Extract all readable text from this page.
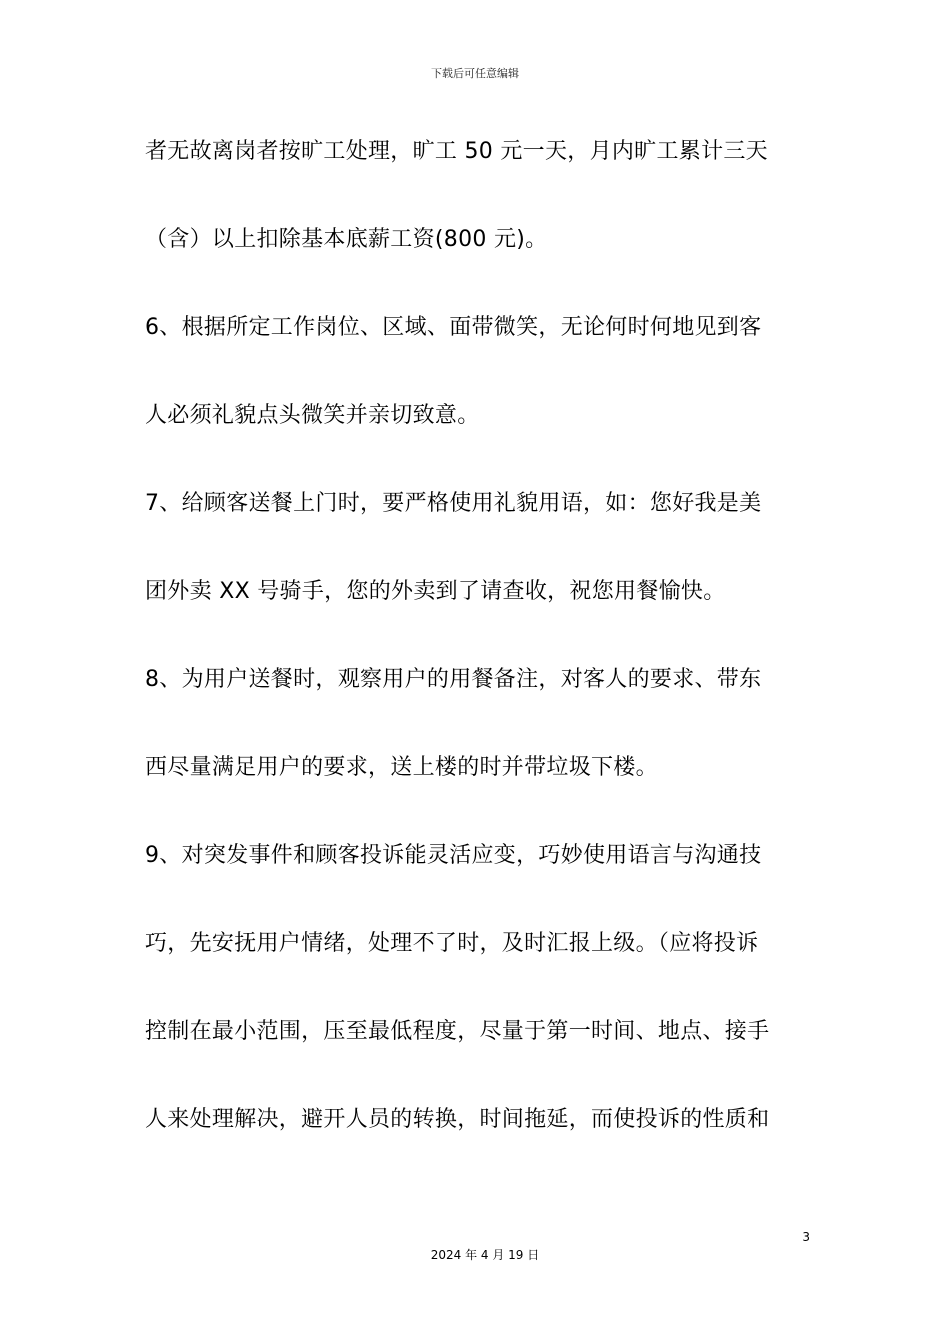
下载后可任意编辑
者无故离岗者按旷工处理，旷工 50 元一天，月内旷工累计三天
（含）以上扣除基本底薪工资(800 元)。
6、根据所定工作岗位、区域、面带微笑，无论何时何地见到客
人必须礼貌点头微笑并亲切致意。
7、给顾客送餐上门时，要严格使用礼貌用语，如：您好我是美
团外卖 XX 号骑手，您的外卖到了请查收，祝您用餐愉快。
8、为用户送餐时，观察用户的用餐备注，对客人的要求、带东
西尽量满足用户的要求，送上楼的时并带垃圾下楼。
9、对突发事件和顾客投诉能灵活应变，巧妙使用语言与沟通技
巧，先安抚用户情绪，处理不了时，及时汇报上级。（应将投诉
控制在最小范围，压至最低程度，尽量于第一时间、地点、接手
人来处理解决，避开人员的转换，时间拖延，而使投诉的性质和
3
2024 年 4 月 19 日
